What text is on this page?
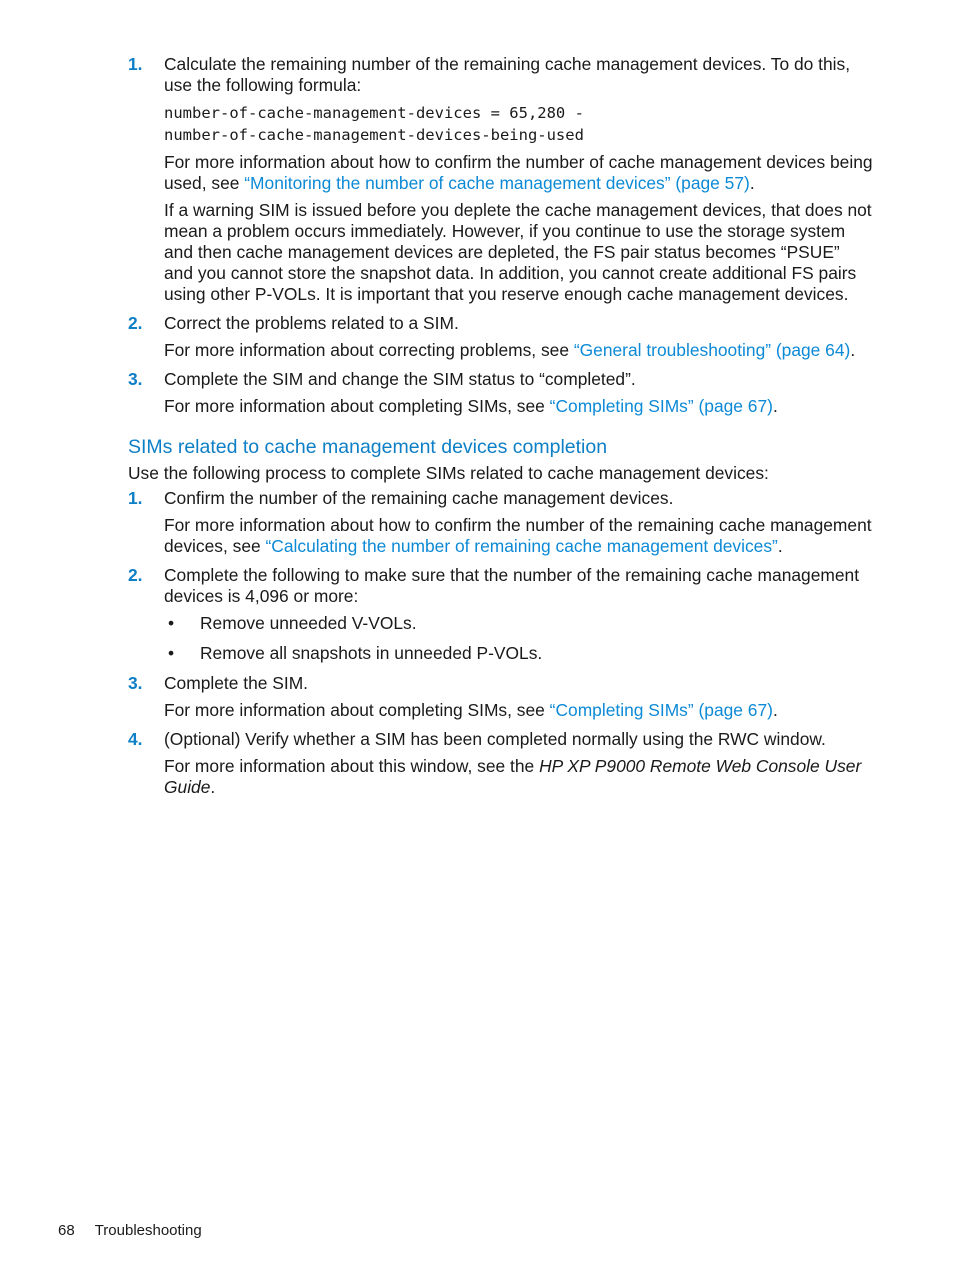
1. Calculate the remaining number of the remaining cache management devices. To do this, use the following formula:

number-of-cache-management-devices = 65,280 -
number-of-cache-management-devices-being-used

For more information about how to confirm the number of cache management devices being used, see “Monitoring the number of cache management devices” (page 57).

If a warning SIM is issued before you deplete the cache management devices, that does not mean a problem occurs immediately. However, if you continue to use the storage system and then cache management devices are depleted, the FS pair status becomes “PSUE” and you cannot store the snapshot data. In addition, you cannot create additional FS pairs using other P-VOLs. It is important that you reserve enough cache management devices.

2. Correct the problems related to a SIM.

For more information about correcting problems, see “General troubleshooting” (page 64).

3. Complete the SIM and change the SIM status to “completed”.

For more information about completing SIMs, see “Completing SIMs” (page 67).

SIMs related to cache management devices completion

Use the following process to complete SIMs related to cache management devices:

1. Confirm the number of the remaining cache management devices.

For more information about how to confirm the number of the remaining cache management devices, see “Calculating the number of remaining cache management devices”.

2. Complete the following to make sure that the number of the remaining cache management devices is 4,096 or more:

• Remove unneeded V-VOLs.
• Remove all snapshots in unneeded P-VOLs.
3. Complete the SIM.

For more information about completing SIMs, see “Completing SIMs” (page 67).

4. (Optional) Verify whether a SIM has been completed normally using the RWC window.

For more information about this window, see the HP XP P9000 Remote Web Console User Guide.

68 Troubleshooting
